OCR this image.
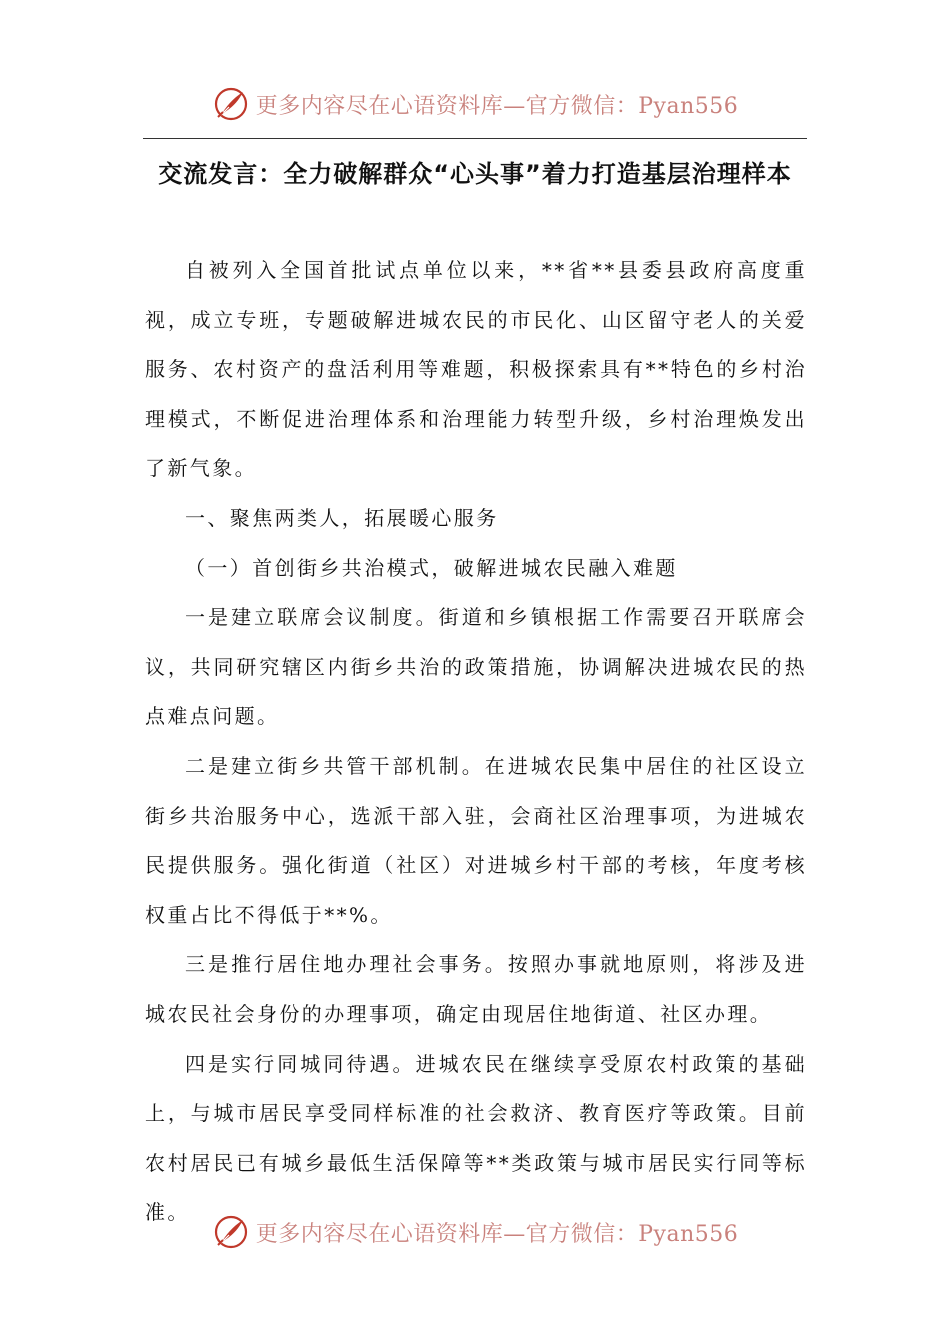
更多内容尽在心语资料库—官方微信：Pyan556
交流发言：全力破解群众“心头事”着力打造基层治理样本

自被列入全国首批试点单位以来，**省**县委县政府高度重视，成立专班，专题破解进城农民的市民化、山区留守老人的关爱服务、农村资产的盘活利用等难题，积极探索具有**特色的乡村治理模式，不断促进治理体系和治理能力转型升级，乡村治理焕发出了新气象。

一、聚焦两类人，拓展暖心服务

（一）首创街乡共治模式，破解进城农民融入难题

一是建立联席会议制度。街道和乡镇根据工作需要召开联席会议，共同研究辖区内街乡共治的政策措施，协调解决进城农民的热点难点问题。

二是建立街乡共管干部机制。在进城农民集中居住的社区设立街乡共治服务中心，选派干部入驻，会商社区治理事项，为进城农民提供服务。强化街道（社区）对进城乡村干部的考核，年度考核权重占比不得低于**%。

三是推行居住地办理社会事务。按照办事就地原则，将涉及进城农民社会身份的办理事项，确定由现居住地街道、社区办理。

四是实行同城同待遇。进城农民在继续享受原农村政策的基础上，与城市居民享受同样标准的社会救济、教育医疗等政策。目前农村居民已有城乡最低生活保障等**类政策与城市居民实行同等标准。

更多内容尽在心语资料库—官方微信：Pyan556
